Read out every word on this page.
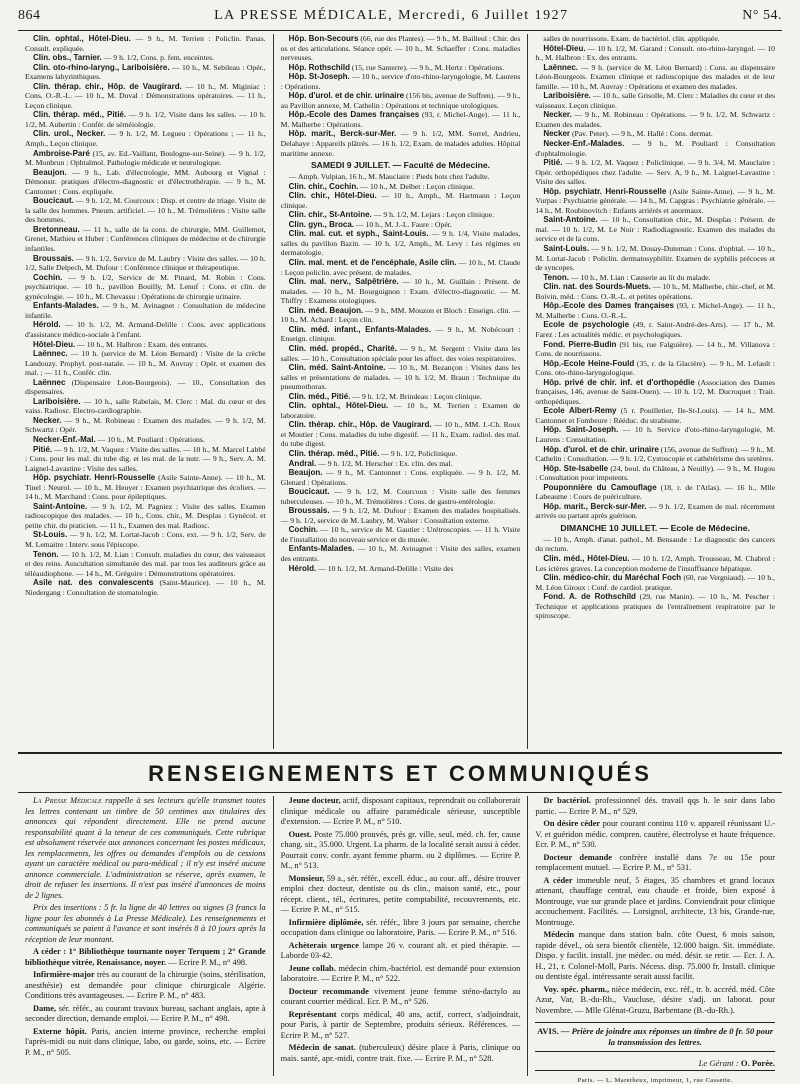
864	LA PRESSE MÉDICALE, Mercredi, 6 Juillet 1927	N° 54.

Clin. ophtal., Hôtel-Dieu. — 9 h., M. Terrien : Policlin. Panas. Consult. expliquée.

Clin. obs., Tarnier. — 9 h. 1/2, Cons. p. fem. enceintes.

Clin. oto-rhino-laryng., Lariboisière. — 10 h., M. Sebileau : Opér., Examens labyrinthiques.

Clin. thérap. chir., Hôp. de Vaugirard. — 10 h., M. Miginiac : Cons. O.-R.-L. — 10 h., M. Duval : Démonstrations opératoires. — 11 h., Leçon clinique.

Clin. thérap. méd., Pitié. — 9 h. 1/2, Visite dans les salles. — 10 h. 1/2, M. Aubertin : Confér. de séméiologie.

Clin. urol., Necker. — 9 h. 1/2, M. Legueu : Opérations ; — 11 h., Amph., Leçon clinique.

Ambroise-Paré (15, av. Ed.-Vaillant, Boulogne-sur-Seine). — 9 h. 1/2, M. Monbrun : Ophtalmol. Pathologie médicale et neurologique.

Beaujon. — 9 h., Lab. d'électrologie, MM. Aubourg et Vignal : Démonstr. pratiques d'électro-diagnostic et d'électrothérapie. — 9 h., M. Cantonnet : Cons. expliquée.

Boucicaut. — 9 h. 1/2, M. Courcoux : Disp. et centre de triage. Visite de la salle des hommes. Pneum. artificiel. — 10 h., M. Trémolières : Visite salle des hommes.

Bretonneau. — 11 h., salle de la cons. de chirurgie, MM. Guillemot, Grenet, Mathieu et Huber : Conférences cliniques de médecine et de chirurgie infantiles.

Broussais. — 9 h. 1/2, Service de M. Laubry : Visite des salles. — 10 h. 1/2, Salle Delpech, M. Dufour : Conférence clinique et thérapeutique.

Cochin. — 9 h. 1/2, Service de M. Pinard, M. Robin : Cons. psychiatrique. — 10 h., pavillon Bouilly, M. Lenuf : Cons. et clin. de gynécologie. — 10 h., M. Chevassu : Opérations de chirurgie urinaire.

Enfants-Malades. — 9 h., M. Avinagnet : Consultation de médecine infantile.

Hérold. — 10 h. 1/2, M. Armand-Delille : Cons. avec applications d'assistance médico-sociale à l'enfant.

Hôtel-Dieu. — 10 h., M. Halbron : Exam. des entrants.

Laënnec. — 10 h. (service de M. Léon Bernard) : Visite de la crèche Landouzy. Prophyl. post-natale. — 10 h., M. Auvray : Opér. et examen des mal. ; — 11 h., Confér. clin.

Laënnec (Dispensaire Léon-Bourgeois). — 10., Consultation des dispensaires.

Lariboisière. — 10 h., salle Rabelais, M. Clerc : Mal. du cœur et des vaiss. Radiosc. Electro-cardiographie.

Necker. — 9 h., M. Robineau : Examen des malades. — 9 h. 1/2, M. Schwartz : Opér.

Necker-Enf.-Mal. — 10 h., M. Pouliard : Opérations.

Pitié. — 9 h. 1/2, M. Vaquez : Visite des salles. — 10 h., M. Marcel Labbé : Cons. pour les mal. du tube dig. et les mal. de la nutr. — 9 h., Serv. A. M. Laignel-Lavastine : Visite des salles.

Hôp. psychiatr. Henri-Rousselle (Asile Sainte-Anne). — 10 h., M. Tinel : Neurol. — 10 h., M. Heuyer : Examen psychiatrique des écoliers. — 14 h., M. Marchand : Cons. pour épileptiques.

Saint-Antoine. — 9 h. 1/2, M. Pagniez : Visite des salles. Examen radioscopique des malades. — 10 h., Cons. chir., M. Desplas : Gynécol. et petite chir. du praticien. — 11 h., Examen des mal. Radiosc.

St-Louis. — 9 h. 1/2, M. Lortat-Jacob : Cons. ext. — 9 h. 1/2, Serv. de M. Lemaitre : Interv. sous l'épiscope.

Tenon. — 10 h. 1/2, M. Lian : Consult. maladies du cœur, des vaisseaux et des reins. Auscultation simultanée des mal. par tous les auditeurs grâce au téléaudiophone. — 14 h., M. Grégoire : Démonstrations opératoires.

Asile nat. des convalescents (Saint-Maurice). — 10 h., M. Niedergang : Consultation de stomatologie.

Hôp. Bon-Secours (66, rue des Plantes). — 9 h., M. Bailleul : Chir. des os et des articulations. Séance opér. — 10 h., M. Schaeffer : Cons. maladies nerveuses.

Hôp. Rothschild (15, rue Santerre). — 9 h., M. Hertz : Opérations.

Hôp. St-Joseph. — 10 h., service d'oto-rhino-laryngologie, M. Laurens : Opérations.

Hôp. d'urol. et de chir. urinaire (156 bis, avenue de Suffren). — 9 h., au Pavillon annexe, M. Cathelin : Opérations et technique urologiques.

Hôp.-Ecole des Dames françaises (93, r. Michel-Ange). — 11 h., M. Malherbe : Opérations.

Hôp. marit., Berck-sur-Mer. — 9 h. 1/2, MM. Sorrel, Andrieu, Delahaye : Appareils plâtrés. — 16 h. 1/2, Exam. de malades adultes. Hôpital maritime annexe.

SAMEDI 9 JUILLET. — Faculté de Médecine.

— Amph. Vulpian, 16 h., M. Mauclaire : Pieds bots chez l'adulte.

Clin. chir., Cochin. — 10 h., M. Delbet : Leçon clinique.

Clin. chir., Hôtel-Dieu. — 10 h., Amph., M. Hartmann : Leçon clinique.

Clin. chir., St-Antoine. — 9 h. 1/2, M. Lejars : Leçon clinique.

Clin. gyn., Broca. — 10 h., M. J.-L. Faure : Opér.

Clin. mal. cut. et syph., Saint-Louis. — 9 h. 1/4, Visite malades, salles du pavillon Bazin. — 10 h. 1/2, Amph., M. Levy : Les régimes en dermatologie.

Clin. mal. ment. et de l'encéphale, Asile clin. — 10 h., M. Claude : Leçon policlin. avec présent. de malades.

Clin. mal. nerv., Salpêtrière. — 10 h., M. Guillain : Présent. de malades. — 10 h., M. Bourguignon : Exam. d'électro-diagnostic. — M. Thiffry : Examens otologiques.

Clin. méd. Beaujon. — 9 h., MM. Mouzon et Bloch : Enseign. clin. — 10 h., M. Achard : Leçon clin.

Clin. méd. infant., Enfants-Malades. — 9 h., M. Nobécourt : Enseign. clinique.

Clin. méd. propéd., Charité. — 9 h., M. Sergent : Visite dans les salles. — 10 h., Consultation spéciale pour les affect. des voies respiratoires.

Clin. méd. Saint-Antoine. — 10 h., M. Bezançon : Visites dans les salles et présentations de malades. — 10 h. 1/2, M. Braun : Technique du pneumothorax.

Clin. méd., Pitié. — 9 h. 1/2, M. Brindeau : Leçon clinique.

Clin. ophtal., Hôtel-Dieu. — 10 h., M. Terrien : Examen de laboratoire.

Clin. thérap. chir., Hôp. de Vaugirard. — 10 h., MM. J.-Ch. Roux et Moutier : Cons. maladies du tube digestif. — 11 h., Exam. radiol. des mal. du tube digest.

Clin. thérap. méd., Pitié. — 9 h. 1/2, Policlinique.

Andral. — 9 h. 1/2, M. Herscher : Ex. clin. des mal.

Beaujon. — 9 h., M. Cantonnet : Cons. expliquée. — 9 h. 1/2, M. Glenard : Opérations.

Boucicaut. — 9 h. 1/2, M. Courcoux : Visite salle des femmes tuberculeuses. — 10 h., M. Trémolières : Cons. de gastro-entérologie.

Broussais. — 9 h. 1/2, M. Dufour : Examen des malades hospitalisés. — 9 h. 1/2, service de M. Laubry, M. Walser : Consultation externe.

Cochin. — 10 h., service de M. Gautier : Urétroscopies. — 11 h. Visite de l'installation du nouveau service et du musée.

Enfants-Malades. — 10 h., M. Avinagnet : Visite des salles, examen des entrants.

Hérold. — 10 h. 1/2, M. Armand-Delille : Visite des

salles de nourrissons. Exam. de bactériol. clin. appliquée.

Hôtel-Dieu. — 10 h. 1/2, M. Garand : Consult. oto-rhino-laryngol. — 10 h., M. Halbron : Ex. des entrants.

Laënnec. — 9 h. (service de M. Léon Bernard) : Cons. au dispensaire Léon-Bourgeois. Examen clinique et radioscopique des malades et de leur famille. — 10 h., M. Auvray : Opérations et examen des malades.

Lariboisière. — 10 h., salle Grisolle, M. Clerc : Maladies du cœur et des vaisseaux. Leçon clinique.

Necker. — 9 h., M. Robineau : Opérations. — 9 h. 1/2, M. Schwartz : Examen des malades.

Necker (Pav. Peter). — 9 h., M. Hallé : Cons. dermat.

Necker-Enf.-Malades. — 9 h., M. Pouliard : Consultation d'ophtalmologie.

Pitié. — 9 h. 1/2, M. Vaquez : Policlinique. — 9 h. 3/4, M. Mauclaire : Opér. orthopédiques chez l'adulte. — Serv. A, 9 h., M. Laignel-Lavastine : Visite des salles.

Hôp. psychiatr. Henri-Rousselle (Asile Sainte-Anne). — 9 h., M. Vurpas : Psychiatrie générale. — 14 h., M. Capgras : Psychiatrie générale. — 14 h., M. Roubinovitch : Enfants arriérés et anormaux.

Saint-Antoine. — 10 h., Consultation chir., M. Desplas : Présent. de mal. — 10 h. 1/2, M. Le Noir : Radiodiagnostic. Examen des malades du service et de la cons.

Saint-Louis. — 9 h. 1/2, M. Douay-Duteman : Cons. d'ophtal. — 10 h., M. Lortat-Jacob : Policlin. dermatosyphilitr. Examen de syphilis précoces et de syncopes.

Tenon. — 10 h., M. Lian : Causerie au lit du malade.

Clin. nat. des Sourds-Muets. — 10 h., M. Malherbe, chir.-chef, et M. Boivin, méd. : Cons. O.-R.-L. et petites opérations.

Hôp.-Ecole des Dames françaises (93, r. Michel-Ange). — 11 h., M. Malherbe : Cons. O.-R.-L.

Ecole de psychologie (49, r. Saint-André-des-Arts). — 17 h., M. Farez : Les actualités médic. et psychologiques.

Fond. Pierre-Budin (91 bis, rue Falguière). — 14 h., M. Villanova : Cons. de nourrissons.

Hôp.-Ecole Heine-Fould (35, r. de la Glacière). — 9 h., M. Lefault : Cons. oto-rhino-laryngologique.

Hôp. privé de chir. inf. et d'orthopédie (Association des Dames françaises, 146, avenue de Saint-Ouen). — 10 h. 1/2, M. Ducroquet : Trait. orthopédiques.

Ecole Albert-Remy (5 r. Pouilletier, Ile-St-Louis). — 14 h., MM. Cantonnet et Fombeure : Rééduc. du strabisme.

Hôp. Saint-Joseph. — 10 h. Service d'oto-rhino-laryngologie, M. Laurens : Consultation.

Hôp. d'urol. et de chir. urinaire (156, avenue de Suffren). — 9 h., M. Cathelin : Consultation. — 9 h. 1/2, Cystoscopie et cathétérisme des uretères.

Hôp. Ste-Isabelle (24, boul. du Château, à Neuilly). — 9 h., M. Hugou : Consultation pour impotents.

Pouponnière du Camouflage (18, r. de l'Atlas). — 16 h., Mlle Labeaume : Cours de puériculture.

Hôp. marit., Berck-sur-Mer. — 9 h. 1/2, Examen de mal. récemment arrivés ou partant après guérison.

DIMANCHE 10 JUILLET. — Ecole de Médecine.

— 10 h., Amph. d'anat. pathol., M. Bensaude : Le diagnostic des cancers du rectum.

Clin. méd., Hôtel-Dieu. — 10 h. 1/2, Amph. Trousseau, M. Chabrol : Les ictères graves. La conception moderne de l'insuffisance hépatique.

Clin. médico-chir. du Maréchal Foch (60, rue Vergniaud). — 10 h., M. Léon Giroux : Conf. de cardiol. pratique.

Fond. A. de Rothschild (29, rue Manin). — 10 h., M. Pescher : Technique et applications pratiques de l'entraînement respiratoire par le spiroscope.

RENSEIGNEMENTS ET COMMUNIQUÉS

La Presse Médicale rappelle à ses lecteurs qu'elle transmet toutes les lettres contenant un timbre de 50 centimes aux titulaires des annonces qui répondent directement. Elle ne prend aucune responsabilité quant à la teneur de ces communiqués. Cette rubrique est absolument réservée aux annonces concernant les postes médicaux, les remplacements, les offres ou demandes d'emplois ou de cessions ayant un caractère médical ou para-médical ; il n'y est inséré aucune annonce commerciale. L'administration se réserve, après examen, le droit de refuser les insertions. Il n'est pas inséré d'annonces de moins de 2 lignes.

Prix des insertions : 5 fr. la ligne de 40 lettres ou signes (3 francs la ligne pour les abonnés à La Presse Médicale). Les renseignements et communiqués se paient à l'avance et sont insérés 8 à 10 jours après la réception de leur montant.

A céder : 1° Bibliothèque tournante noyer Terquem ; 2° Grande bibliothèque vitrée, Renaissance, noyer. — Ecrire P. M., n° 498.

Infirmière-major très au courant de la chirurgie (soins, stérilisation, anesthésie) est demandée pour clinique chirurgicale Algérie. Conditions très avantageuses. — Ecrire P. M., n° 483.

Dame, sér. référ., au courant travaux bureau, sachant anglais, apte à seconder direction, demande emploi. — Ecrire P. M., n° 498.

Externe hôpit. Paris, ancien interne province, recherche emploi l'après-midi ou nuit dans clinique, labo, ou garde, soins, etc. — Ecrire P. M., n° 505.

Jeune docteur, actif, disposant capitaux, reprendrait ou collaborerait clinique médicale ou affaire paramédicale sérieuse, susceptible d'extension. — Ecrire P. M., n° 510.

Ouest. Poste 75.000 prouvés, prés gr. ville, seul, méd. ch. fer, cause chang. sit., 35.000. Urgent. La pharm. de la localité serait aussi à céder. Pourrait conv. confr. ayant femme pharm. ou 2 diplômes. — Ecrire P. M., n° 513.

Monsieur, 59 a., sér. référ., excell. éduc., au cour. aff., désire trouver emploi chez docteur, dentiste ou ds clin., maison santé, etc., pour récept. client., tél., écritures, petite comptabilité, recouvrements, etc. — Ecrire P. M., n° 515.

Infirmière diplômée, sér. référ., libre 3 jours par semaine, cherche occupation dans clinique ou laboratoire, Paris. — Ecrire P. M., n° 516.

Achèterais urgence lampe 26 v. courant alt. et pied thérapie. — Laborde 03-42.

Jeune collab. médecin chim.-bactériol. est demandé pour extension laboratoire. — Ecrire P. M., n° 522.

Docteur recommande vivement jeune femme sténo-dactylo au courant courrier médical. Ecr. P. M., n° 526.

Représentant corps médical, 40 ans, actif, correct, s'adjoindrait, pour Paris, à partir de Septembre, produits sérieux. Références. — Ecrire P. M., n° 527.

Médecin de sanat. (tuberculeux) désire place à Paris, clinique ou mais. santé, apr.-midi, contre trait. fixe. — Ecrire P. M., n° 528.

Dr bactériol. professionnel dés. travail qqs h. le soir dans labo partic. — Ecrire P. M., n° 529.

On désire céder pour courant continu 110 v. appareil réunissant U.-V. et guéridon médic. compren. cautère, électrolyse et haute fréquence. Ecr. P. M., n° 530.

Docteur demande confrère installé dans 7e ou 15e pour remplacement mutuel. — Ecrire P. M., n° 531.

A céder immeuble neuf, 5 étages, 35 chambres et grand locaux attenant, chauffage central, eau chaude et froide, bien exposé à Montrouge, vue sur grande place et jardins. Conviendrait pour clinique accouchement. Facilités. — Lorsignol, architecte, 13 bis, Grande-rue, Montrouge.

Médecin manque dans station baln. côte Ouest, 6 mois saison, rapide dével., où sera bientôt clientèle, 12.000 baign. Sit. immédiate. Dispo. y facilit. install. jne médec. ou méd. désir. se retir. — Ecr. J. A. H., 21, r. Colonel-Moll, Paris. Nécess. disp. 75.000 fr. Install. clinique ou dentiste égal. intéressante serait aussi facilit.

Voy. spéc. pharm., nièce médecin, exc. réf., tr. b. accréd. méd. Côte Azur, Var, B.-du-Rh., Vaucluse, désire s'adj. un laborat. pour Novembre. — Mlle Glénat-Gruzu, Barbentane (B.-du-Rh.).

AVIS. — Prière de joindre aux réponses un timbre de 0 fr. 50 pour la transmission des lettres.
Le Gérant : O. Porée.
Paris. — L. Maretheux, imprimeur, 1, rue Cassette.
